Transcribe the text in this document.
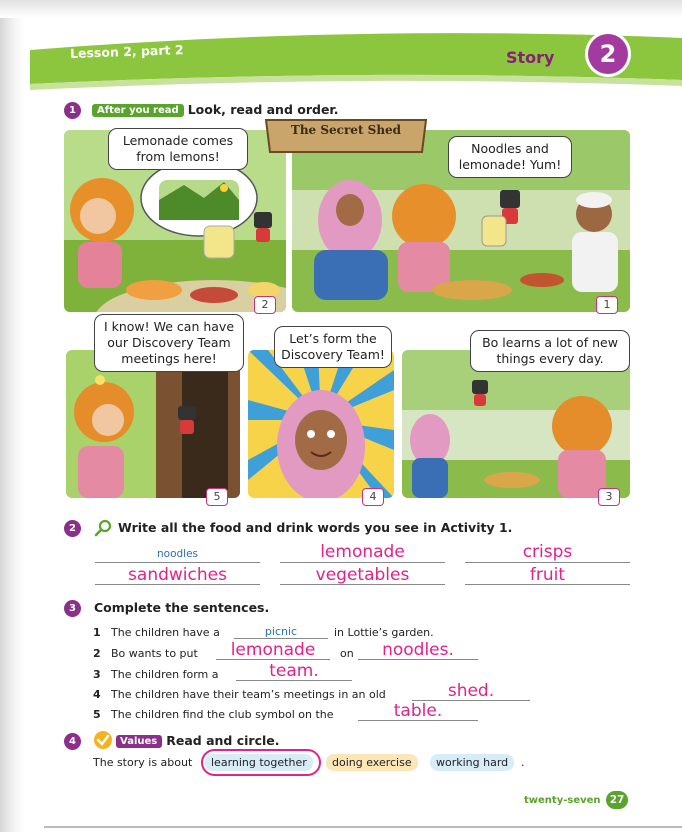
Lesson 2, part 2	Story	2
1	After you read Look, read and order.
Lemonade comes from lemons!
2
Noodles and lemonade! Yum!
1
The Secret Shed
I know! We can have our Discovery Team meetings here!
5
Let’s form the Discovery Team!
4
Bo learns a lot of new things every day.
3
2	Write all the food and drink words you see in Activity 1.
noodles	lemonade	crisps
sandwiches	vegetables	fruit
3	Complete the sentences.
1 The children have a	picnic	in Lottie’s garden.
2 Bo wants to put	lemonade	on	noodles.
3 The children form a	team.
4 The children have their team’s meetings in an old	shed.
5 The children find the club symbol on the	table.
4	Values Read and circle.
The story is about	learning together	doing exercise	working hard	.
twenty-seven 27
